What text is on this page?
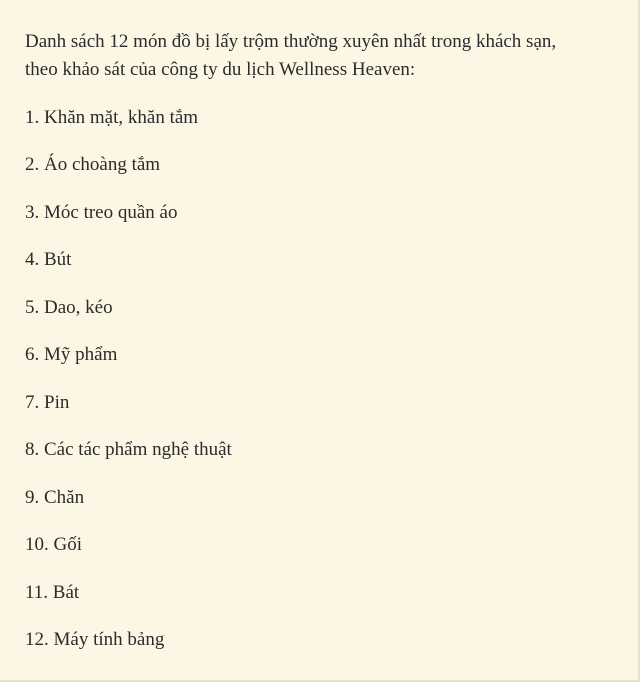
Danh sách 12 món đồ bị lấy trộm thường xuyên nhất trong khách sạn,
theo khảo sát của công ty du lịch Wellness Heaven:

1. Khăn mặt, khăn tắm
2. Áo choàng tắm
3. Móc treo quần áo
4. Bút
5. Dao, kéo
6. Mỹ phẩm
7. Pin
8. Các tác phẩm nghệ thuật
9. Chăn
10. Gối
11. Bát
12. Máy tính bảng
